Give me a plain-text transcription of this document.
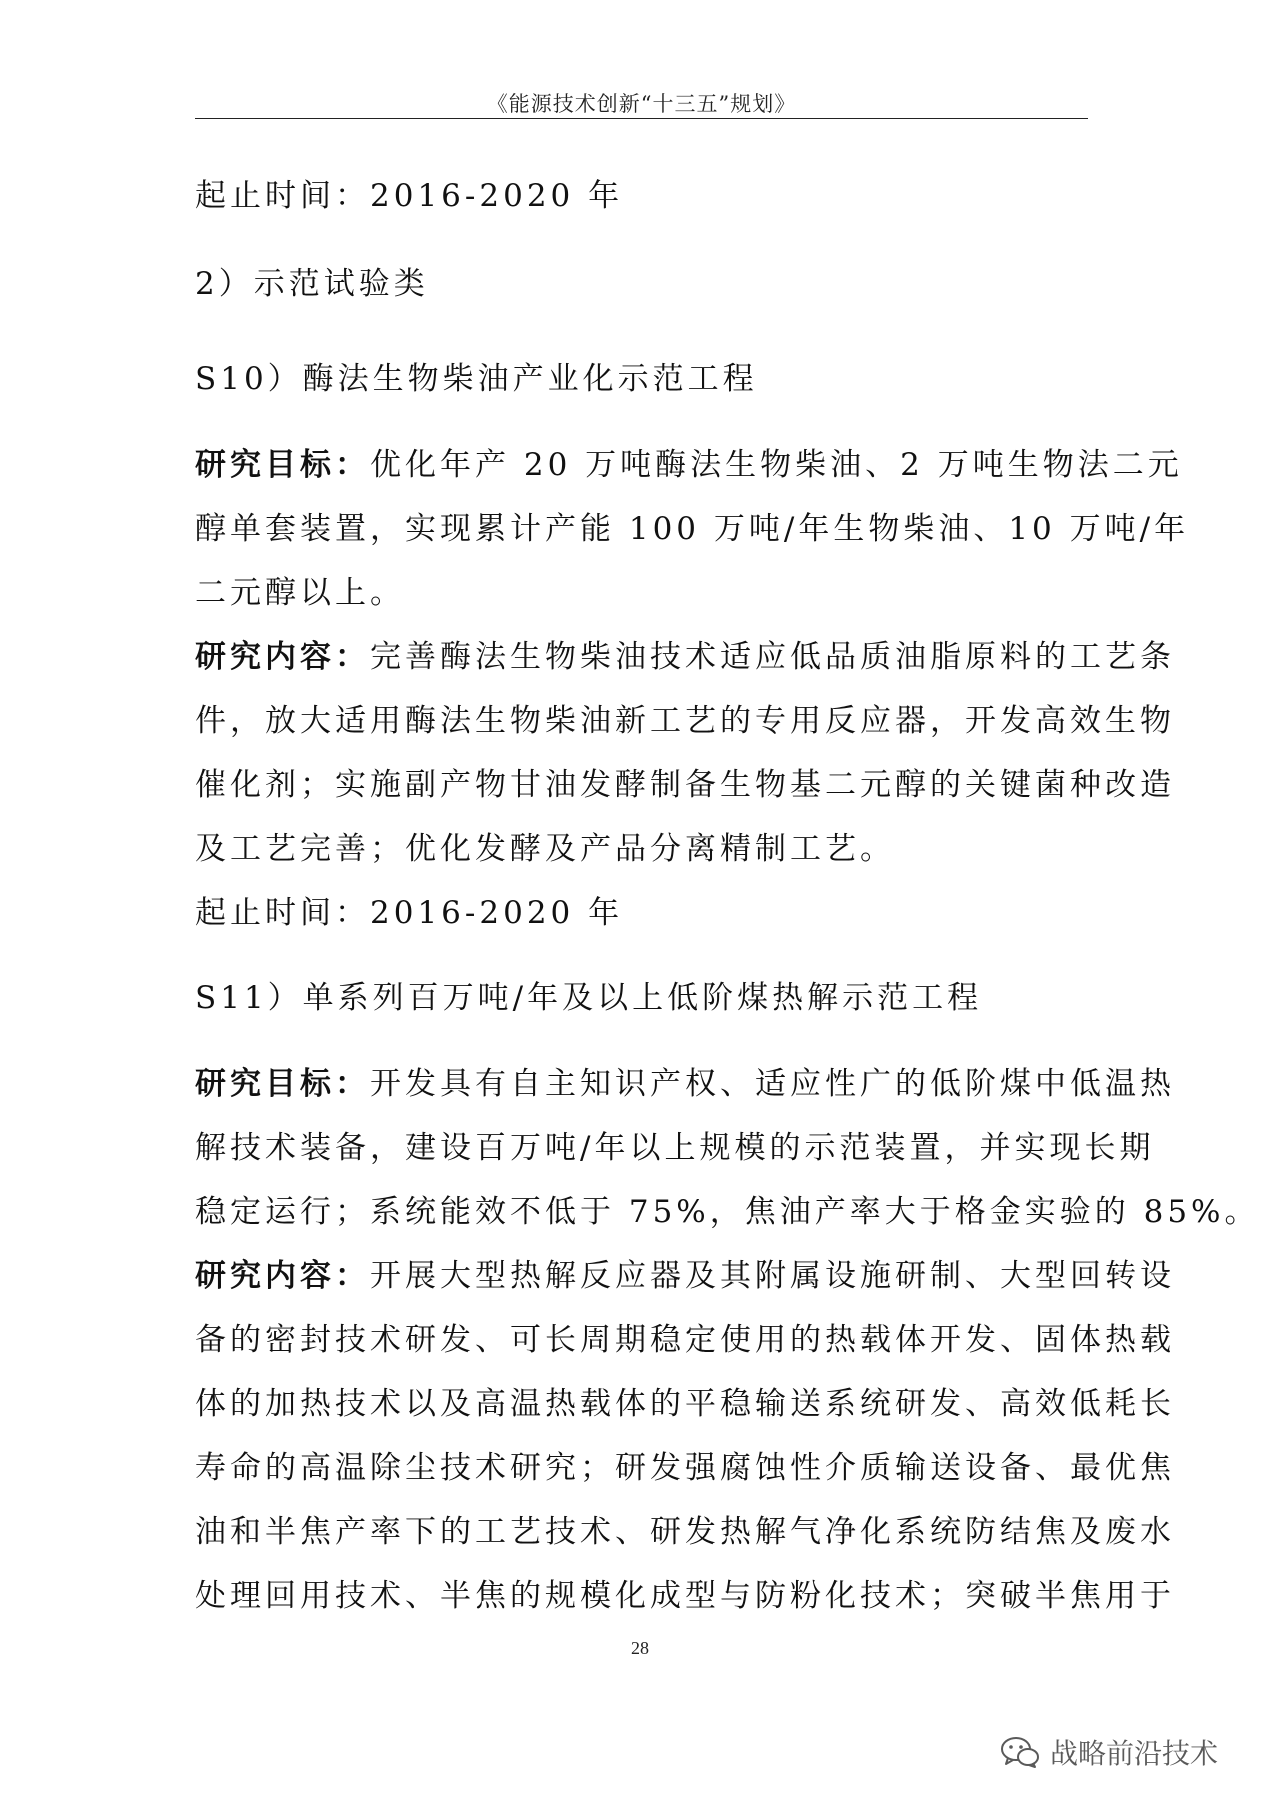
《能源技术创新“十三五”规划》
起止时间：2016-2020 年
2）示范试验类
S10）酶法生物柴油产业化示范工程
研究目标：优化年产 20 万吨酶法生物柴油、2 万吨生物法二元
醇单套装置，实现累计产能 100 万吨/年生物柴油、10 万吨/年
二元醇以上。
研究内容：完善酶法生物柴油技术适应低品质油脂原料的工艺条
件，放大适用酶法生物柴油新工艺的专用反应器，开发高效生物
催化剂；实施副产物甘油发酵制备生物基二元醇的关键菌种改造
及工艺完善；优化发酵及产品分离精制工艺。
起止时间：2016-2020 年
S11）单系列百万吨/年及以上低阶煤热解示范工程
研究目标：开发具有自主知识产权、适应性广的低阶煤中低温热
解技术装备，建设百万吨/年以上规模的示范装置，并实现长期
稳定运行；系统能效不低于 75%，焦油产率大于格金实验的 85%。
研究内容：开展大型热解反应器及其附属设施研制、大型回转设
备的密封技术研发、可长周期稳定使用的热载体开发、固体热载
体的加热技术以及高温热载体的平稳输送系统研发、高效低耗长
寿命的高温除尘技术研究；研发强腐蚀性介质输送设备、最优焦
油和半焦产率下的工艺技术、研发热解气净化系统防结焦及废水
处理回用技术、半焦的规模化成型与防粉化技术；突破半焦用于
28
战略前沿技术
